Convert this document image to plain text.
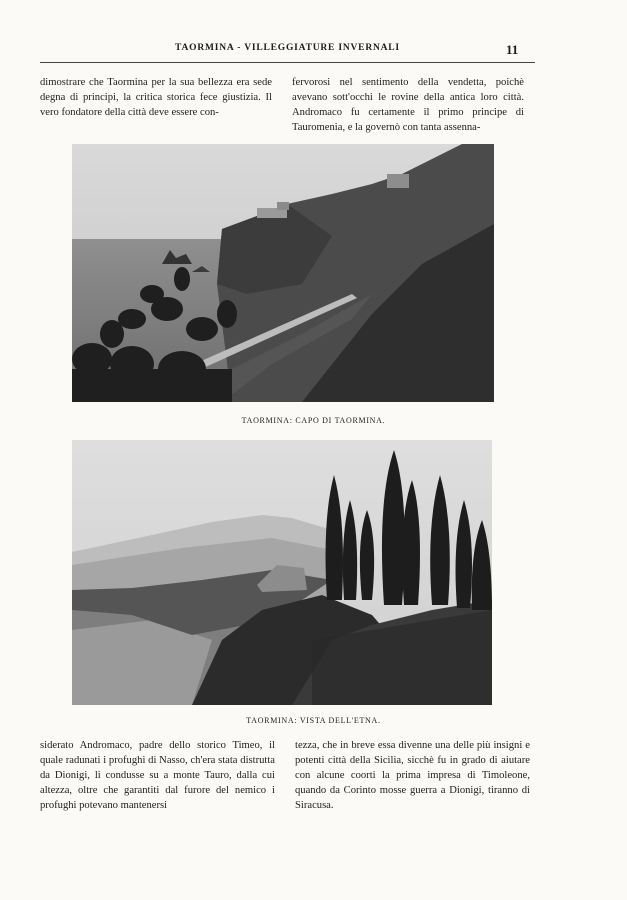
TAORMINA - VILLEGGIATURE INVERNALI	11

dimostrare che Taormina per la sua bellezza era sede degna di principi, la critica storica fece giustizia. Il vero fondatore della città deve essere con-

fervorosi nel sentimento della vendetta, poichè avevano sott'occhi le rovine della antica loro città. Andromaco fu certamente il primo principe di Tauromenia, e la governò con tanta assenna-

TAORMINA: CAPO DI TAORMINA.
TAORMINA: VISTA DELL'ETNA.

siderato Andromaco, padre dello storico Timeo, il quale radunati i profughi di Nasso, ch'era stata distrutta da Dionigi, li condusse su a monte Tauro, dalla cui altezza, oltre che garantiti dal furore del nemico i profughi potevano mantenersi

tezza, che in breve essa divenne una delle più insigni e potenti città della Sicilia, sicchè fu in grado di aiutare con alcune coorti la prima impresa di Timoleone, quando da Corinto mosse guerra a Dionigi, tiranno di Siracusa.
